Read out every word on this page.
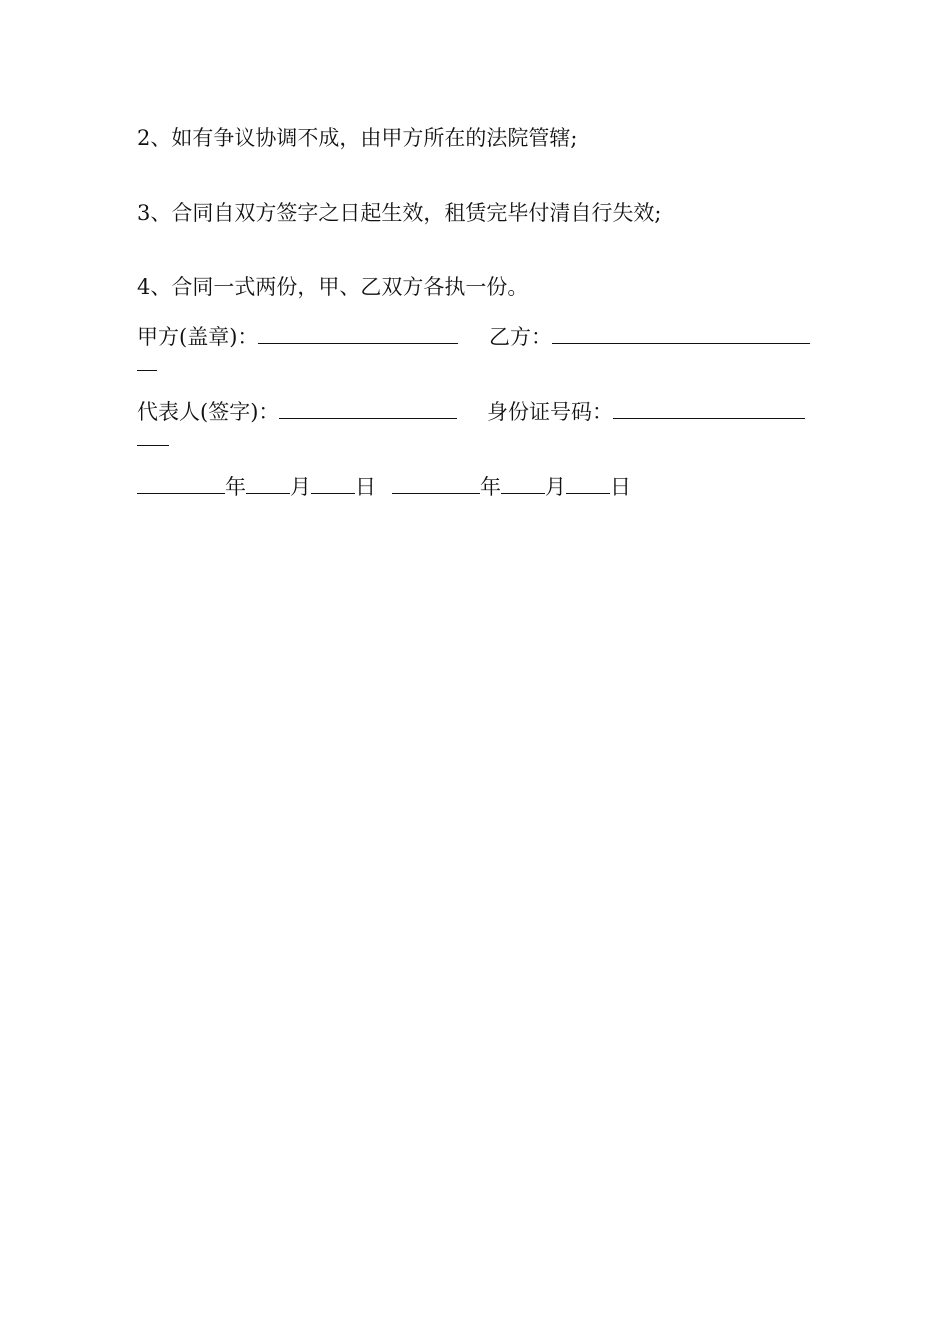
2、如有争议协调不成，由甲方所在的法院管辖;
3、合同自双方签字之日起生效，租赁完毕付清自行失效;
4、合同一式两份，甲、乙双方各执一份。
甲方(盖章)：	乙方：
代表人(签字)：	身份证号码：
年 月 日	年 月 日
